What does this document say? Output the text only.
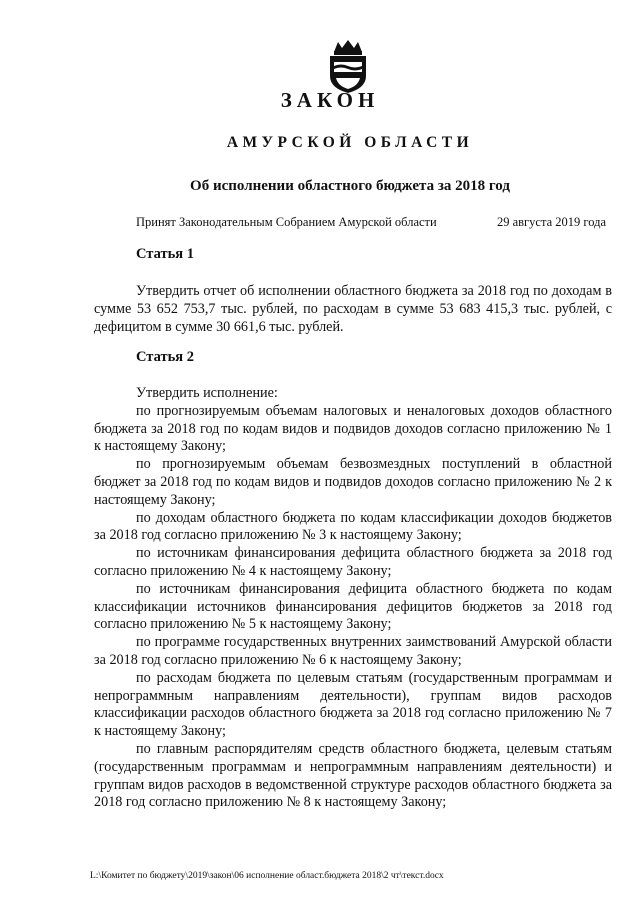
ЗАКОН
АМУРСКОЙ ОБЛАСТИ
Об исполнении областного бюджета за 2018 год
Принят Законодательным Собранием Амурской области	29 августа 2019 года
Статья 1

Утвердить отчет об исполнении областного бюджета за 2018 год по доходам в сумме 53 652 753,7 тыс. рублей, по расходам в сумме 53 683 415,3 тыс. рублей, с дефицитом в сумме 30 661,6 тыс. рублей.

Статья 2

Утвердить исполнение:

по прогнозируемым объемам налоговых и неналоговых доходов областного бюджета за 2018 год по кодам видов и подвидов доходов согласно приложению № 1 к настоящему Закону;

по прогнозируемым объемам безвозмездных поступлений в областной бюджет за 2018 год по кодам видов и подвидов доходов согласно приложению № 2 к настоящему Закону;

по доходам областного бюджета по кодам классификации доходов бюджетов за 2018 год согласно приложению № 3 к настоящему Закону;

по источникам финансирования дефицита областного бюджета за 2018 год согласно приложению № 4 к настоящему Закону;

по источникам финансирования дефицита областного бюджета по кодам классификации источников финансирования дефицитов бюджетов за 2018 год согласно приложению № 5 к настоящему Закону;

по программе государственных внутренних заимствований Амурской области за 2018 год согласно приложению № 6 к настоящему Закону;

по расходам бюджета по целевым статьям (государственным программам и непрограммным направлениям деятельности), группам видов расходов классификации расходов областного бюджета за 2018 год согласно приложению № 7 к настоящему Закону;

по главным распорядителям средств областного бюджета, целевым статьям (государственным программам и непрограммным направлениям деятельности) и группам видов расходов в ведомственной структуре расходов областного бюджета за 2018 год согласно приложению № 8 к настоящему Закону;

L:\Комитет по бюджету\2019\закон\06 исполнение област.бюджета 2018\2 чт\текст.docx
